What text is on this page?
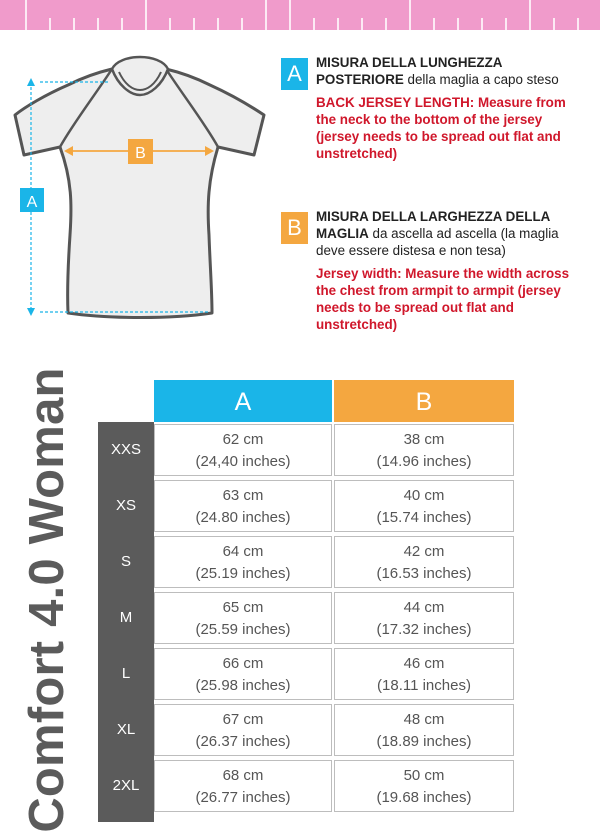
A
B
A	MISURA DELLA LUNGHEZZA POSTERIORE della maglia a capo steso
BACK JERSEY LENGTH: Measure from the neck to the bottom of the jersey (jersey needs to be spread out flat and unstretched)
B	MISURA DELLA LARGHEZZA DELLA MAGLIA da ascella ad ascella (la maglia deve essere distesa e non tesa)
Jersey width: Measure the width across the chest from armpit to armpit (jersey needs to be spread out flat and unstretched)
Comfort 4.0 Woman	A	B
XXS
62 cm
(24,40 inches)
38 cm
(14.96 inches)
XS
63 cm
(24.80 inches)
40 cm
(15.74 inches)
S
64 cm
(25.19 inches)
42 cm
(16.53 inches)
M
65 cm
(25.59 inches)
44 cm
(17.32 inches)
L
66 cm
(25.98 inches)
46 cm
(18.11 inches)
XL
67 cm
(26.37 inches)
48 cm
(18.89 inches)
2XL
68 cm
(26.77 inches)
50 cm
(19.68 inches)
